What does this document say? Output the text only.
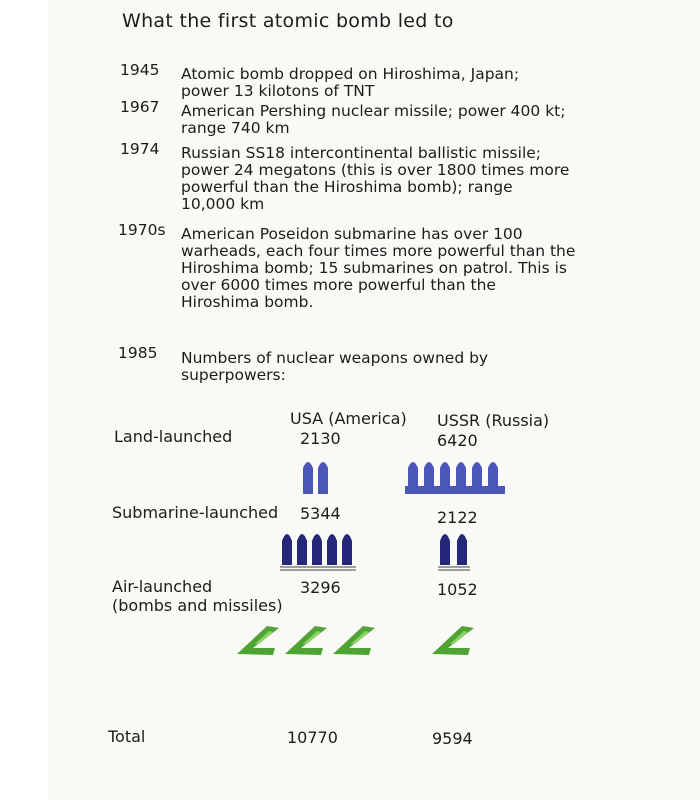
What the first atomic bomb led to
1945 Atomic bomb dropped on Hiroshima, Japan;
power 13 kilotons of TNT
1967 American Pershing nuclear missile; power 400 kt;
range 740 km
1974 Russian SS18 intercontinental ballistic missile;
power 24 megatons (this is over 1800 times more
powerful than the Hiroshima bomb); range
10,000 km
1970s American Poseidon submarine has over 100
warheads, each four times more powerful than the
Hiroshima bomb; 15 submarines on patrol. This is
over 6000 times more powerful than the
Hiroshima bomb.
1985 Numbers of nuclear weapons owned by
superpowers:
USA (America) USSR (Russia)
Land-launched	2130	6420
Submarine-launched 5344	2122
Air-launched
(bombs and missiles)
3296	1052
Total	10770	9594
